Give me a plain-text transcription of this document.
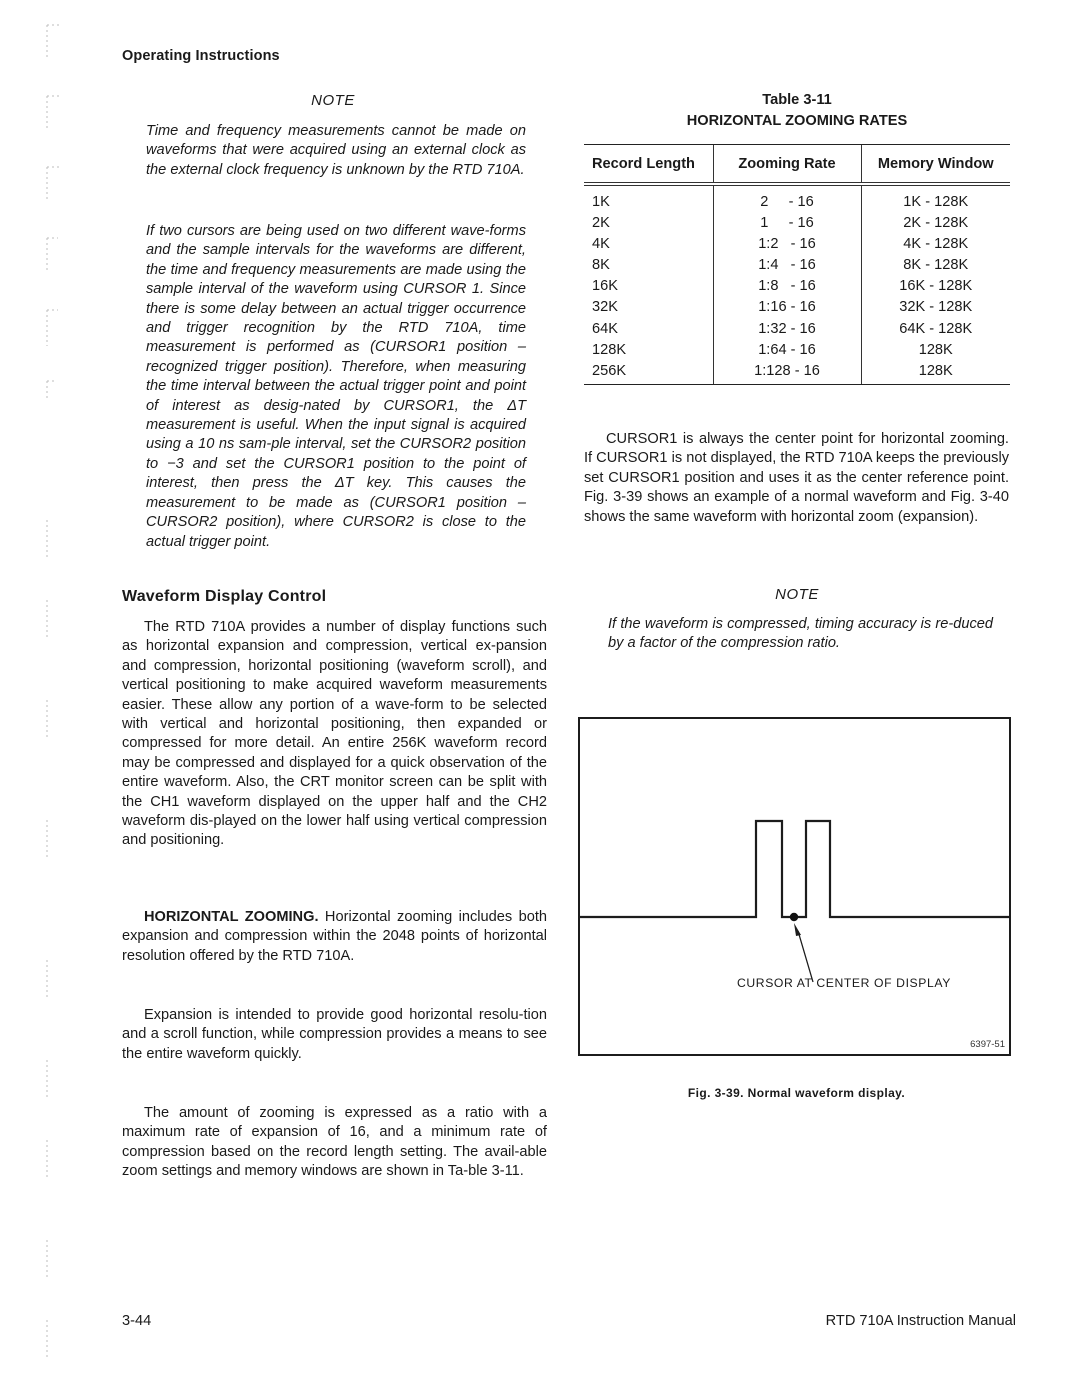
Operating Instructions
NOTE
Time and frequency measurements cannot be made on waveforms that were acquired using an external clock as the external clock frequency is unknown by the RTD 710A.
If two cursors are being used on two different wave-forms and the sample intervals for the waveforms are different, the time and frequency measurements are made using the sample interval of the waveform using CURSOR 1. Since there is some delay between an actual trigger occurrence and trigger recognition by the RTD 710A, time measurement is performed as (CURSOR1 position – recognized trigger position). Therefore, when measuring the time interval between the actual trigger point and point of interest as desig-nated by CURSOR1, the ΔT measurement is useful. When the input signal is acquired using a 10 ns sam-ple interval, set the CURSOR2 position to −3 and set the CURSOR1 position to the point of interest, then press the ΔT key. This causes the measurement to be made as (CURSOR1 position – CURSOR2 position), where CURSOR2 is close to the actual trigger point.
Waveform Display Control
The RTD 710A provides a number of display functions such as horizontal expansion and compression, vertical ex-pansion and compression, horizontal positioning (waveform scroll), and vertical positioning to make acquired waveform measurements easier. These allow any portion of a wave-form to be selected with vertical and horizontal positioning, then expanded or compressed for more detail. An entire 256K waveform record may be compressed and displayed for a quick observation of the entire waveform. Also, the CRT monitor screen can be split with the CH1 waveform displayed on the upper half and the CH2 waveform dis-played on the lower half using vertical compression and positioning.
HORIZONTAL ZOOMING. Horizontal zooming includes both expansion and compression within the 2048 points of horizontal resolution offered by the RTD 710A.
Expansion is intended to provide good horizontal resolu-tion and a scroll function, while compression provides a means to see the entire waveform quickly.
The amount of zooming is expressed as a ratio with a maximum rate of expansion of 16, and a minimum rate of compression based on the record length setting. The avail-able zoom settings and memory windows are shown in Ta-ble 3-11.
Table 3-11
HORIZONTAL ZOOMING RATES
Record Length	Zooming Rate	Memory Window
1K	2     - 16	1K - 128K
2K	1     - 16	2K - 128K
4K	1:2   - 16	4K - 128K
8K	1:4   - 16	8K - 128K
16K	1:8   - 16	16K - 128K
32K	1:16 - 16	32K - 128K
64K	1:32 - 16	64K - 128K
128K	1:64 - 16	128K
256K	1:128 - 16	128K
CURSOR1 is always the center point for horizontal zooming. If CURSOR1 is not displayed, the RTD 710A keeps the previously set CURSOR1 position and uses it as the center reference point. Fig. 3-39 shows an example of a normal waveform and Fig. 3-40 shows the same waveform with horizontal zoom (expansion).
NOTE
If the waveform is compressed, timing accuracy is re-duced by a factor of the compression ratio.
CURSOR AT CENTER OF DISPLAY
6397-51
Fig. 3-39. Normal waveform display.
3-44	RTD 710A Instruction Manual
